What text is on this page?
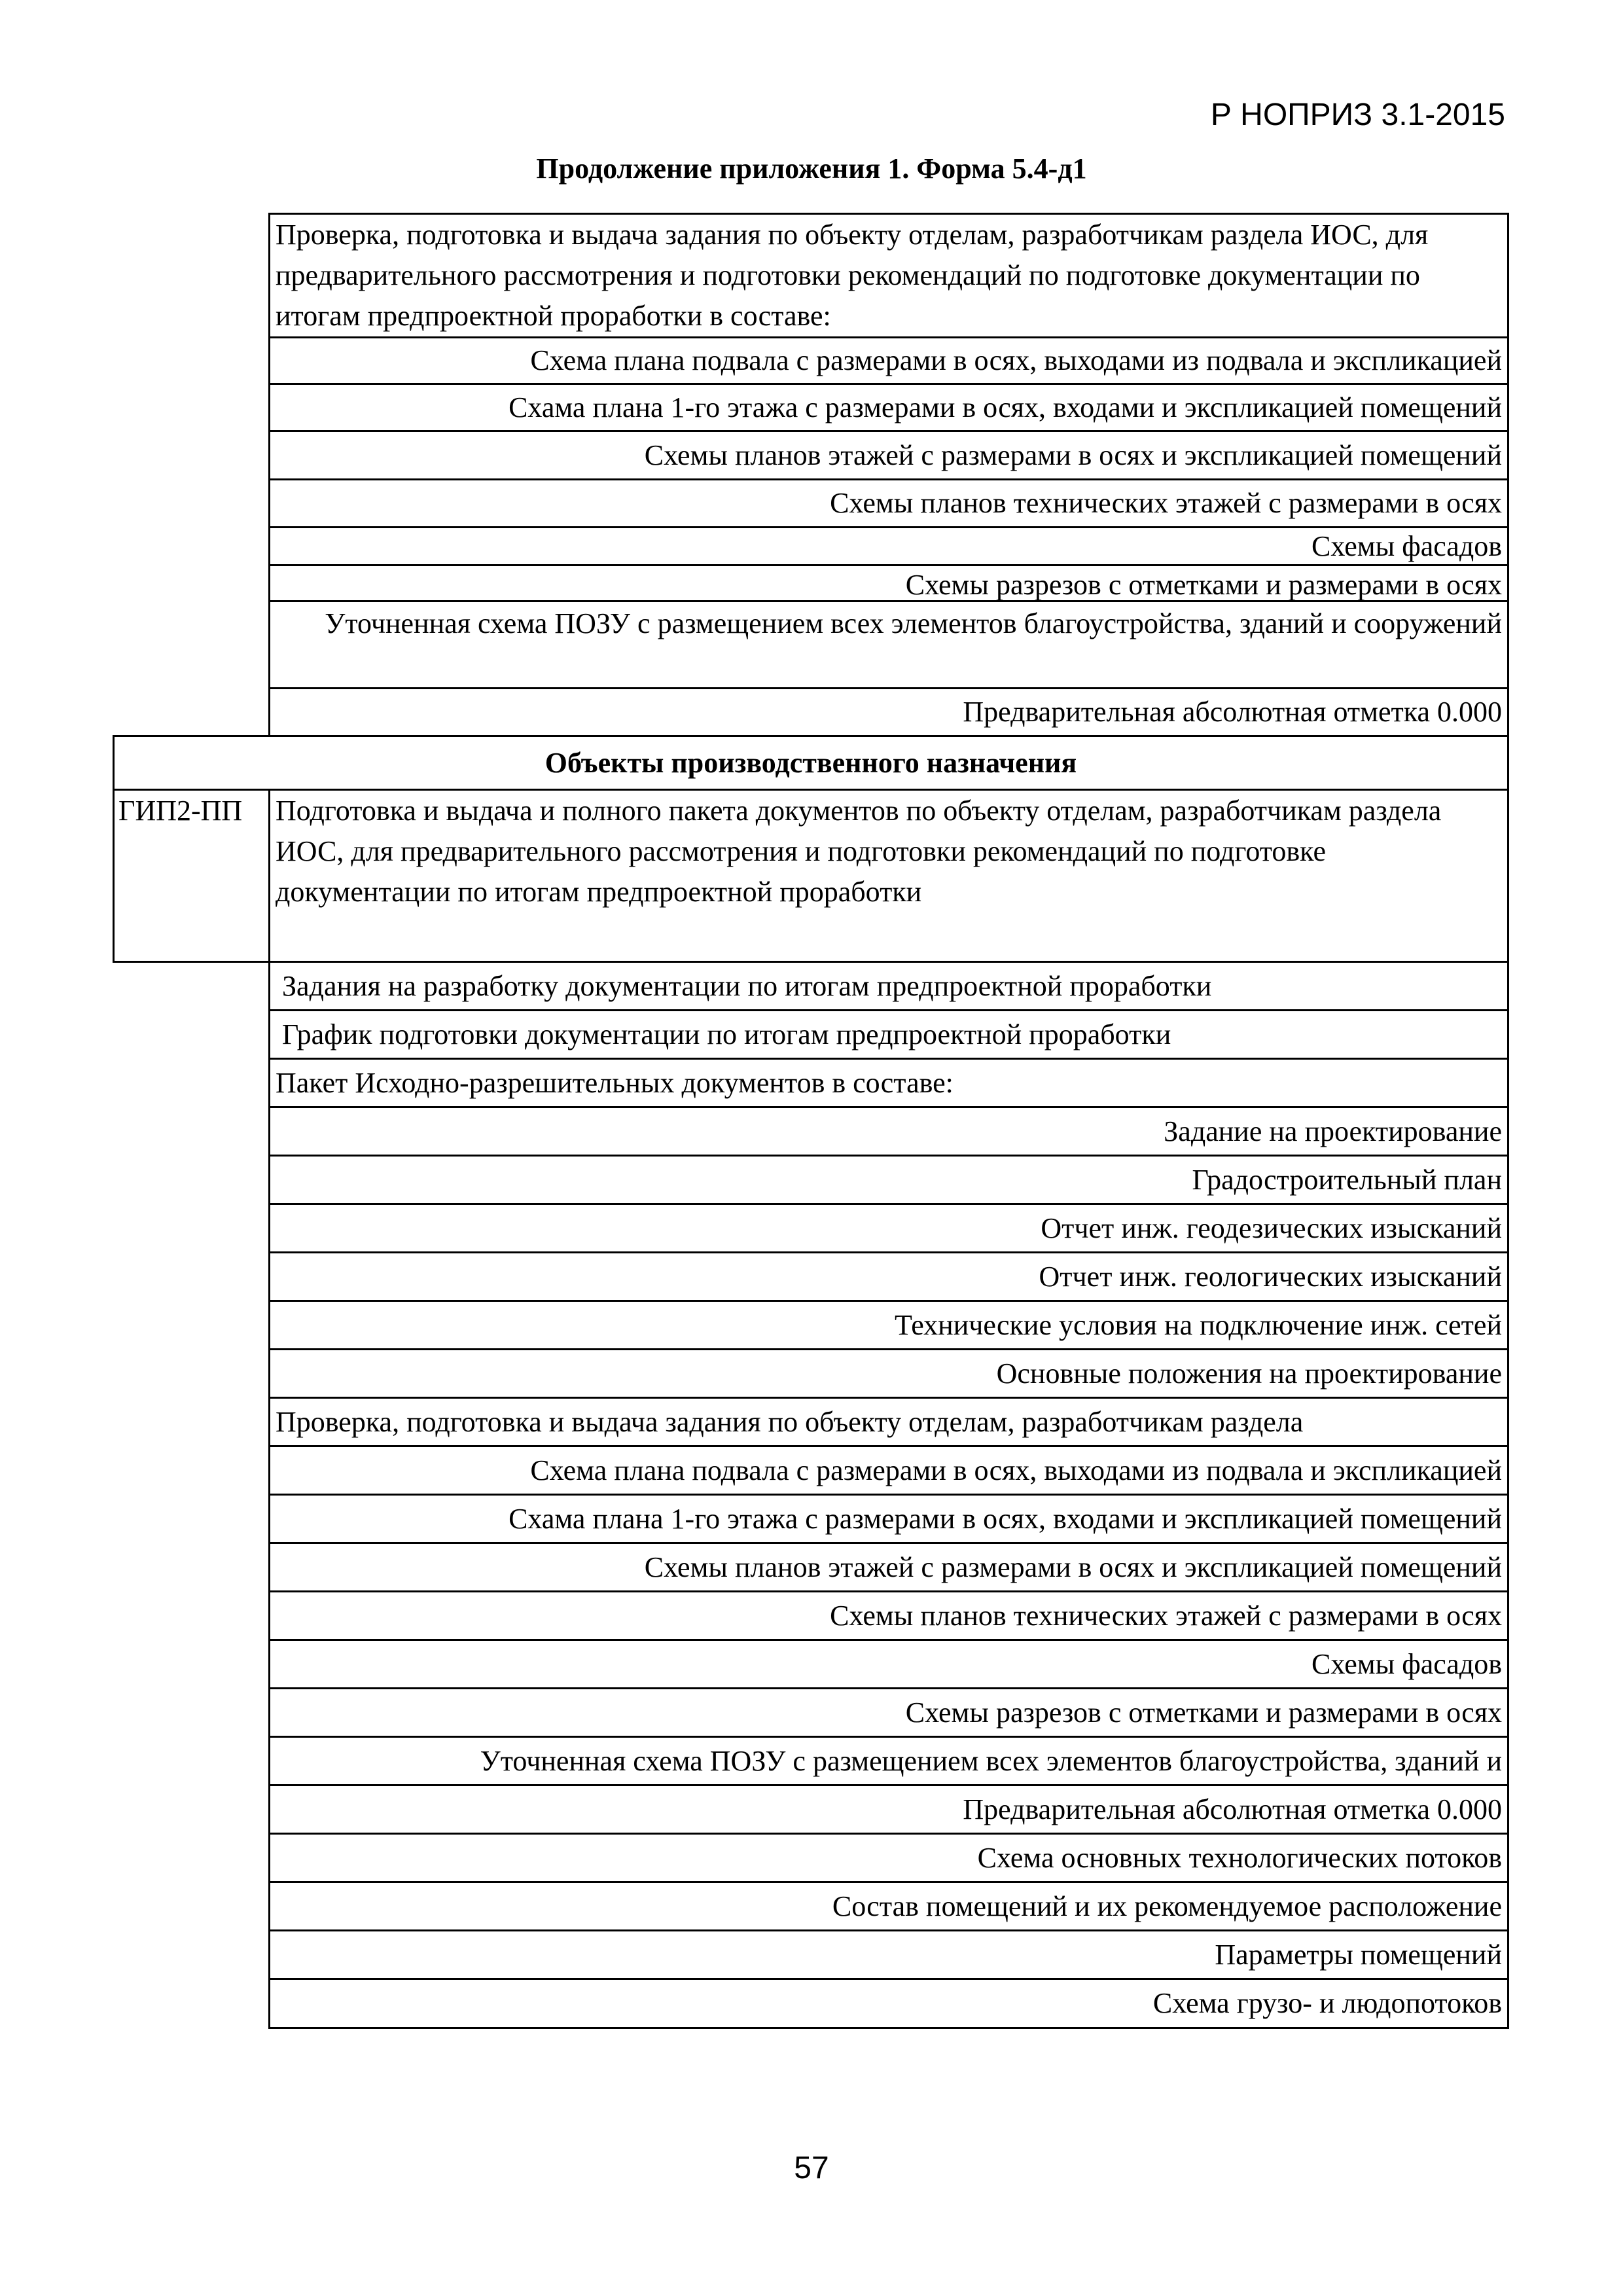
Р НОПРИЗ 3.1-2015
Продолжение приложения 1. Форма 5.4-д1
Проверка, подготовка и выдача задания по объекту отделам, разработчикам раздела ИОС, для предварительного рассмотрения и подготовки рекомендаций по подготовке документации по итогам предпроектной проработки в составе:
Схема плана подвала с размерами в осях, выходами из подвала и экспликацией
Схама плана 1-го этажа с размерами в осях, входами и экспликацией помещений
Схемы планов этажей с размерами в осях и экспликацией помещений
Схемы планов технических этажей с размерами в осях
Схемы фасадов
Схемы разрезов с отметками и размерами в осях
Уточненная схема ПОЗУ с размещением всех элементов благоустройства, зданий и сооружений
Предварительная абсолютная отметка 0.000
Объекты производственного назначения
ГИП2-ПП	Подготовка и выдача и полного пакета документов по объекту отделам, разработчикам раздела ИОС, для предварительного рассмотрения и подготовки рекомендаций по подготовке документации по итогам предпроектной проработки
Задания на разработку документации по итогам предпроектной проработки
График подготовки документации по итогам предпроектной проработки
Пакет Исходно-разрешительных документов в составе:
Задание на проектирование
Градостроительный план
Отчет инж. геодезических изысканий
Отчет инж. геологических изысканий
Технические условия на подключение инж. сетей
Основные положения на проектирование
Проверка, подготовка и выдача задания по объекту отделам, разработчикам раздела
Схема плана подвала с размерами в осях, выходами из подвала и экспликацией
Схама плана 1-го этажа с размерами в осях, входами и экспликацией помещений
Схемы планов этажей с размерами в осях и экспликацией помещений
Схемы планов технических этажей с размерами в осях
Схемы фасадов
Схемы разрезов с отметками и размерами в осях
Уточненная схема ПОЗУ с размещением всех элементов благоустройства, зданий и
Предварительная абсолютная отметка 0.000
Схема основных технологических потоков
Состав помещений и их рекомендуемое расположение
Параметры помещений
Схема грузо- и людопотоков
57
